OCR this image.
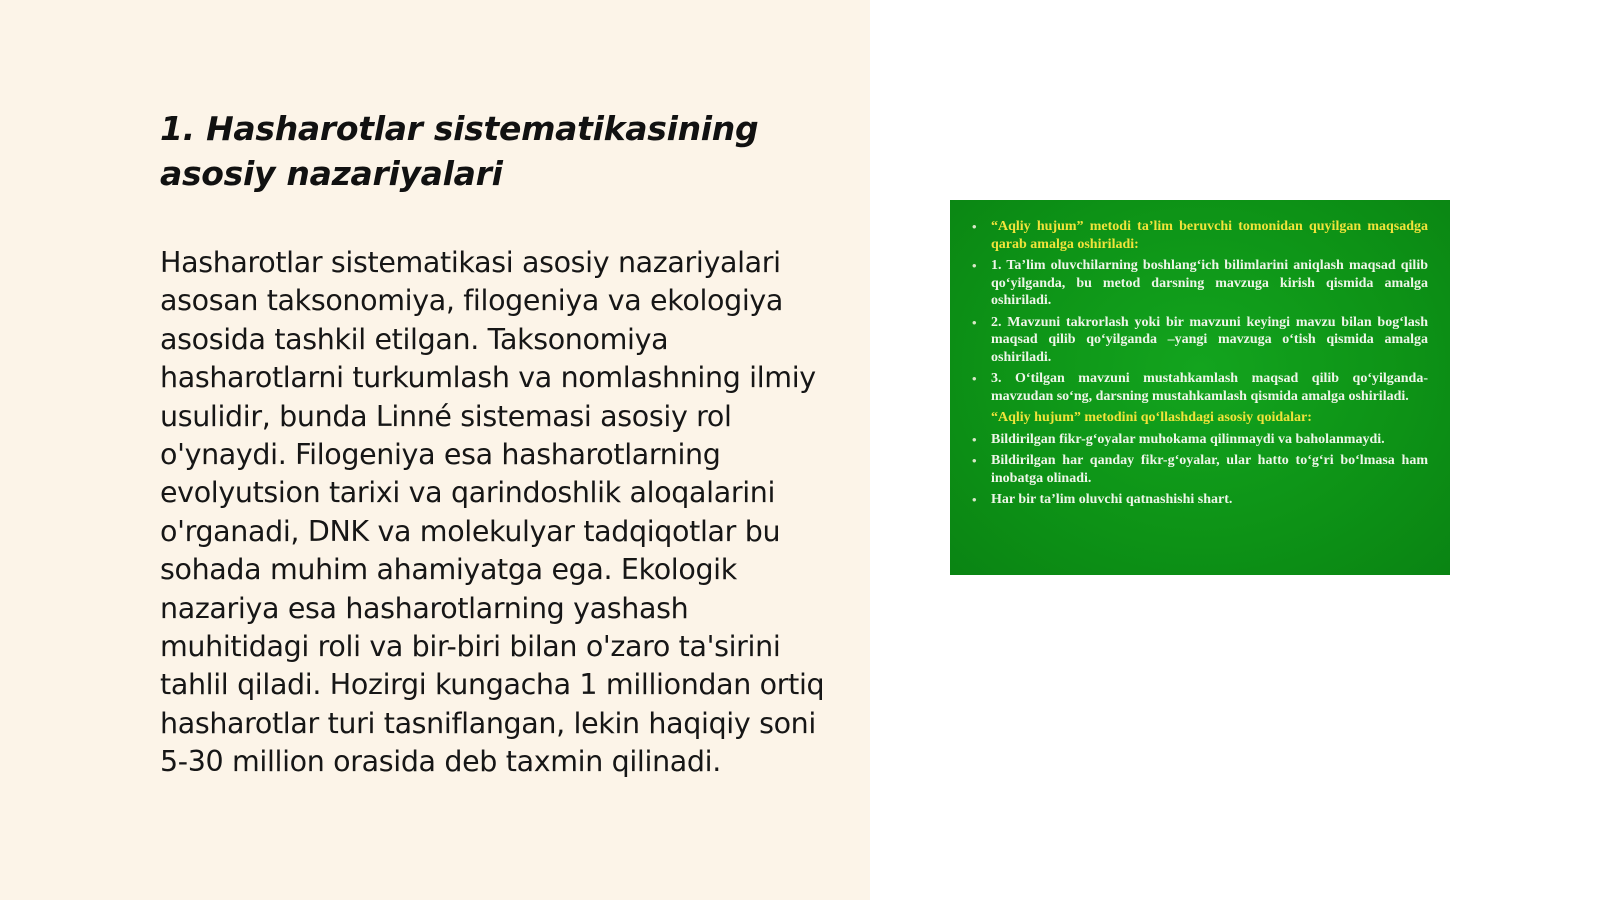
1. Hasharotlar sistematikasining asosiy nazariyalari

Hasharotlar sistematikasi asosiy nazariyalari asosan taksonomiya, filogeniya va ekologiya asosida tashkil etilgan. Taksonomiya hasharotlarni turkumlash va nomlashning ilmiy usulidir, bunda Linné sistemasi asosiy rol o'ynaydi. Filogeniya esa hasharotlarning evolyutsion tarixi va qarindoshlik aloqalarini o'rganadi, DNK va molekulyar tadqiqotlar bu sohada muhim ahamiyatga ega. Ekologik nazariya esa hasharotlarning yashash muhitidagi roli va bir-biri bilan o'zaro ta'sirini tahlil qiladi. Hozirgi kungacha 1 milliondan ortiq hasharotlar turi tasniflangan, lekin haqiqiy soni 5-30 million orasida deb taxmin qilinadi.

• “Aqliy hujum” metodi ta’lim beruvchi tomonidan quyilgan maqsadga qarab amalga oshiriladi:
• 1. Ta’lim oluvchilarning boshlang‘ich bilimlarini aniqlash maqsad qilib qo‘yilganda, bu metod darsning mavzuga kirish qismida amalga oshiriladi.
• 2. Mavzuni takrorlash yoki bir mavzuni keyingi mavzu bilan bog‘lash maqsad qilib qo‘yilganda –yangi mavzuga o‘tish qismida amalga oshiriladi.
• 3. O‘tilgan mavzuni mustahkamlash maqsad qilib qo‘yilganda-mavzudan so‘ng, darsning mustahkamlash qismida amalga oshiriladi.
“Aqliy hujum” metodini qo‘llashdagi asosiy qoidalar:
• Bildirilgan fikr-g‘oyalar muhokama qilinmaydi va baholanmaydi.
• Bildirilgan har qanday fikr-g‘oyalar, ular hatto to‘g‘ri bo‘lmasa ham inobatga olinadi.
• Har bir ta’lim oluvchi qatnashishi shart.
